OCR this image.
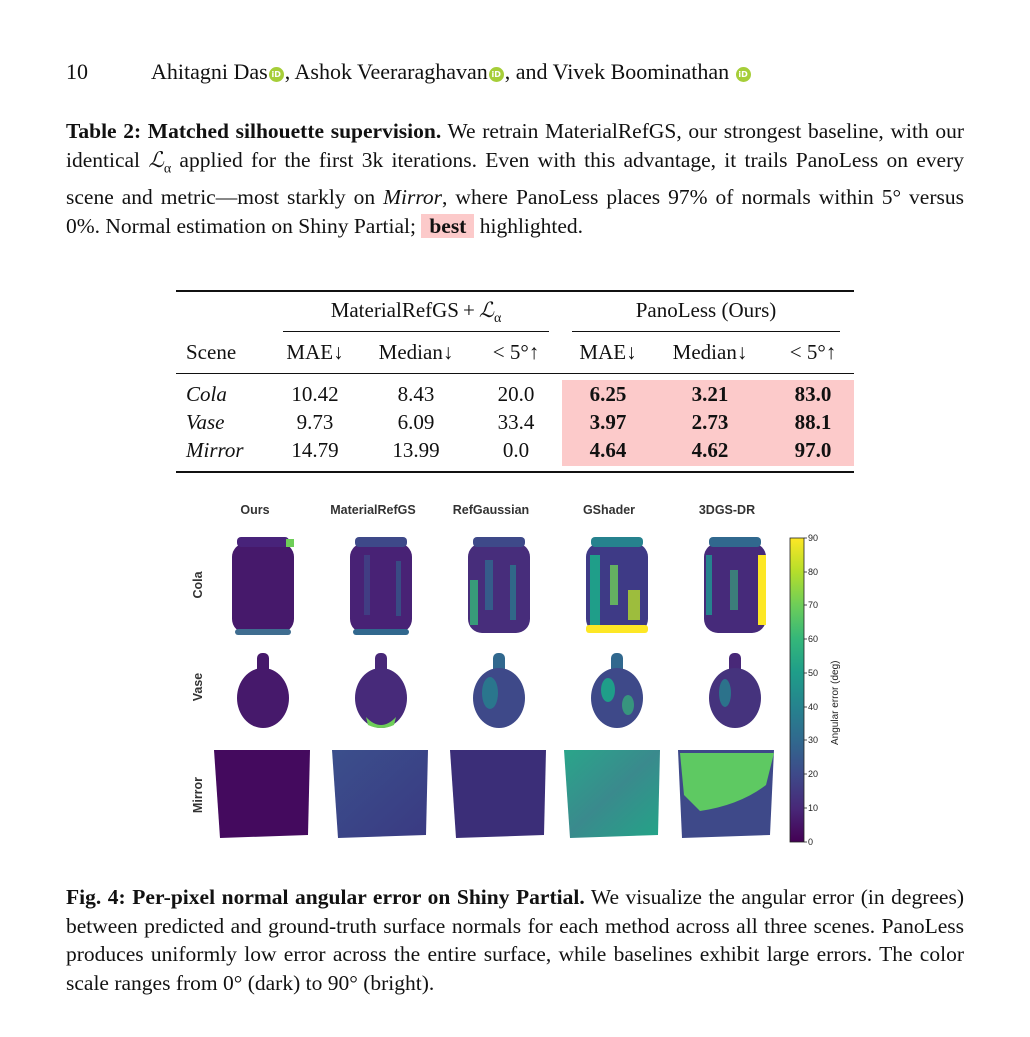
10	Ahitagni Das iD , Ashok Veeraraghavan iD , and Vivek Boominathan iD
Table 2: Matched silhouette supervision. We retrain MaterialRefGS, our strongest baseline, with our identical ℒ$_\alpha$ applied for the first 3k iterations. Even with this advantage, it trails PanoLess on every scene and metric—most starkly on Mirror, where PanoLess places 97% of normals within 5° versus 0%. Normal estimation on Shiny Partial; best highlighted.
MaterialRefGS + ℒ$_\alpha$	PanoLess (Ours)
Scene	MAE↓	Median↓	< 5°↑	MAE↓	Median↓	< 5°↑
Cola	10.42	8.43	20.0	6.25	3.21	83.0
Vase	9.73	6.09	33.4	3.97	2.73	88.1
Mirror	14.79	13.99	0.0	4.64	4.62	97.0
Ours	MaterialRefGS	RefGaussian	GShader	3DGS-DR
Cola
Vase
Mirror
0
10
20
30
40
50
60
70
80
90
Angular error (deg)
Fig. 4: Per-pixel normal angular error on Shiny Partial. We visualize the angular error (in degrees) between predicted and ground-truth surface normals for each method across all three scenes. PanoLess produces uniformly low error across the entire surface, while baselines exhibit large errors. The color scale ranges from 0° (dark) to 90° (bright).
